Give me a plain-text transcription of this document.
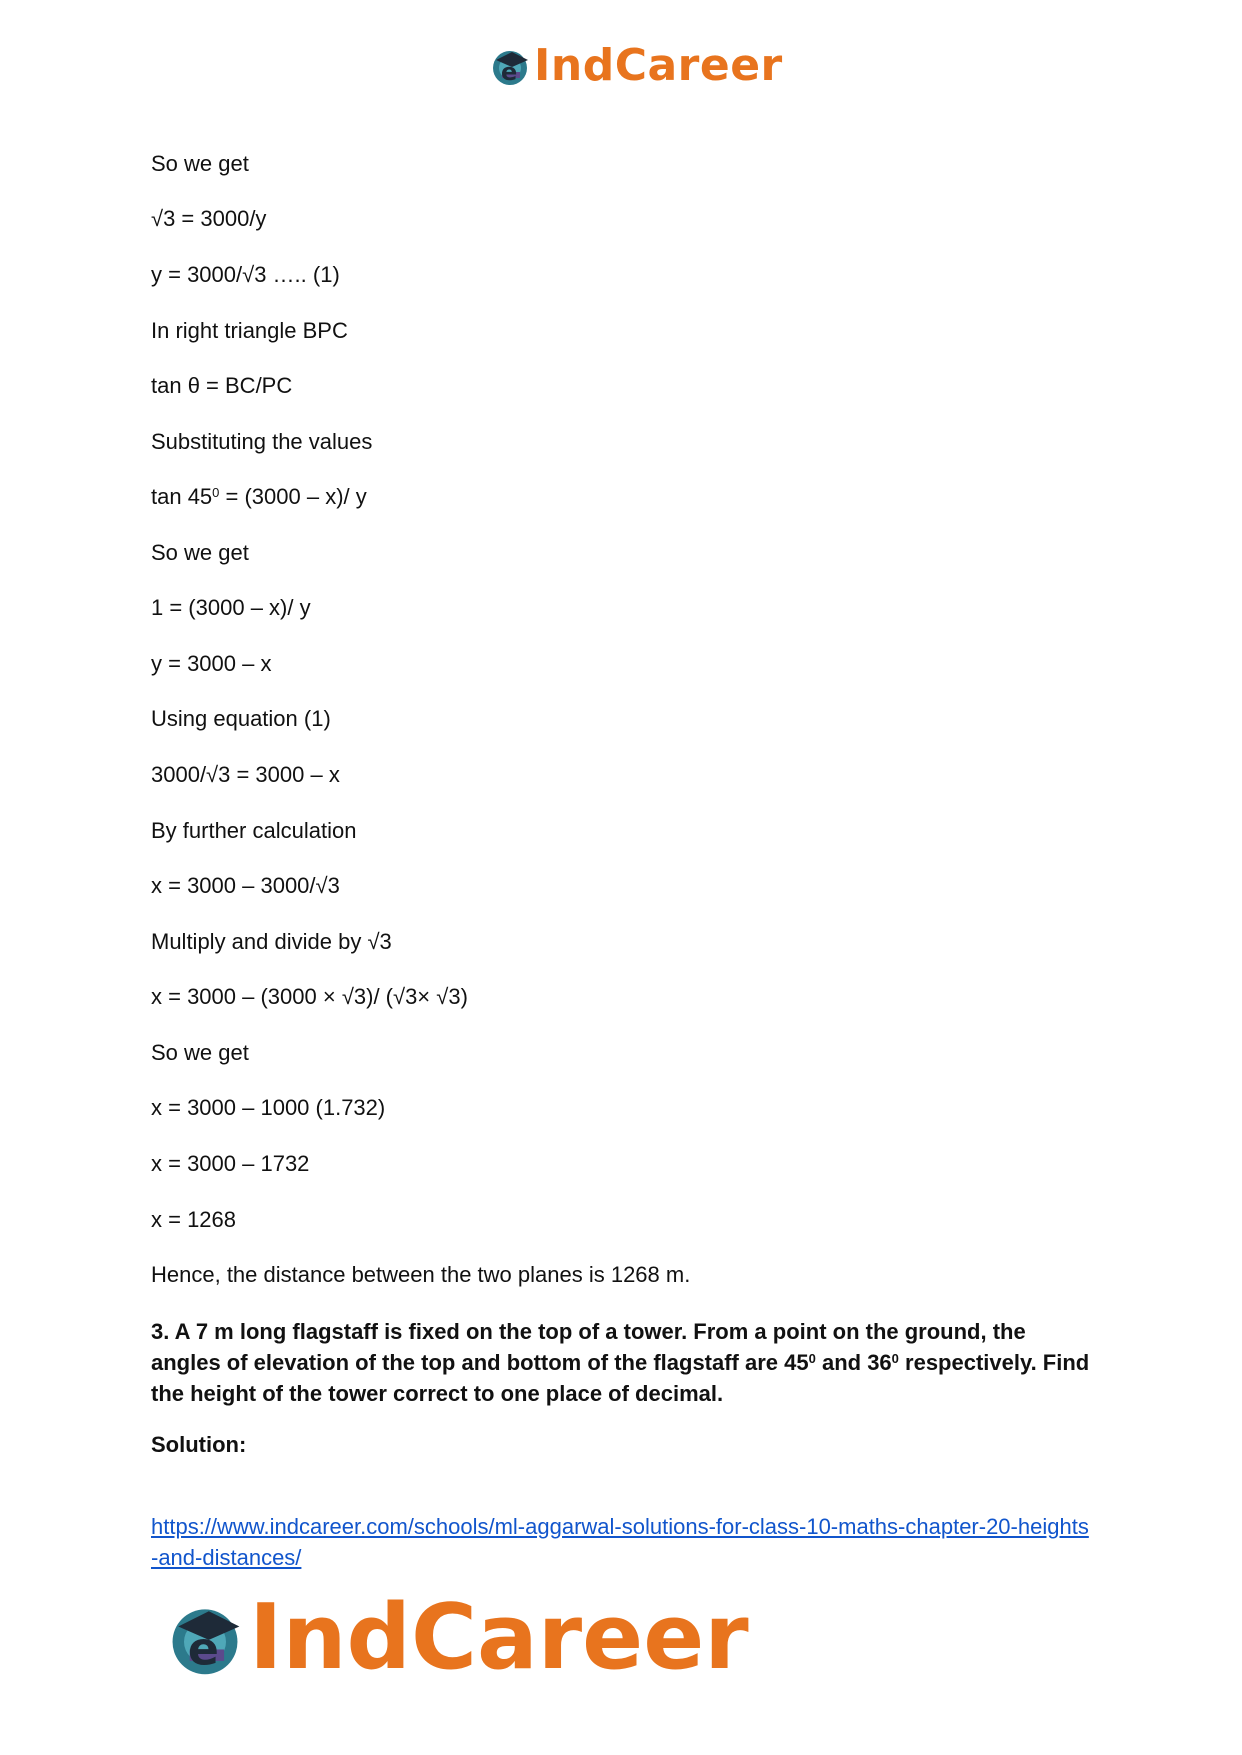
e IndCareer
So we get
√3 = 3000/y
y = 3000/√3 ….. (1)
In right triangle BPC
tan θ = BC/PC
Substituting the values
$\tan 45^0 = (3000 - x)/$ y
So we get
1 = (3000 – x)/ y
y = 3000 – x
Using equation (1)
3000/√3 = 3000 – x
By further calculation
x = 3000 – 3000/√3
Multiply and divide by √3
x = 3000 – (3000 × √3)/ (√3× √3)
So we get
x = 3000 – 1000 (1.732)
x = 3000 – 1732
x = 1268
Hence, the distance between the two planes is 1268 m.
3. A 7 m long flagstaff is fixed on the top of a tower. From a point on the ground, the angles of elevation of the top and bottom of the flagstaff are $45^0$ and $36^0$ respectively. Find the height of the tower correct to one place of decimal.
Solution:
https://www.indcareer.com/schools/ml-aggarwal-solutions-for-class-10-maths-chapter-20-heights-and-distances/
e IndCareer
